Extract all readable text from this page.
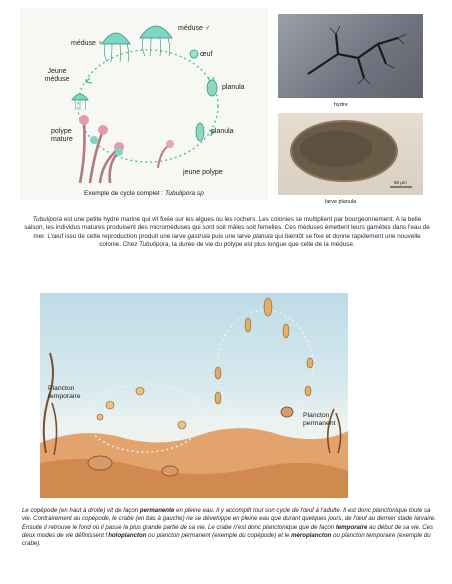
méduse ♀
méduse ♂
œuf
Jeune méduse
planula
planula
polype mature
jeune polype
Exemple de cycle complet : Tubulipora sp
hydre
50 µm
larve planula
Tubulipora est une petite hydre marine qui vit fixée sur les algues ou les rochers. Les colonies se multiplient par bourgeonnement. A la belle saison, les individus matures produisent des microméduses qui sont soit mâles soit femelles. Ces méduses émettent leurs gamètes dans l'eau de mer. L'œuf issu de cette reproduction produit une larve gastrula puis une larve planula qui bientôt se fixe et donne rapidement une nouvelle colonie. Chez Tubulipora, la durée de vie du polype est plus longue que celle de la méduse.
Plancton temporaire
Plancton permanent
Le copépode (en haut à droite) vit de façon permanente en pleine eau. Il y accomplit tout son cycle de l'œuf à l'adulte. Il est donc planctonique toute sa vie. Contrairement au copépode, le crabe (en bas à gauche) ne se développe en pleine eau que durant quelques jours, de l'œuf au dernier stade larvaire. Ensuite il retrouve le fond où il passe la plus grande partie de sa vie. Le crabe n'est donc planctonique que de façon temporaire au début de sa vie. Ces deux modes de vie définissent l'holoplancton ou plancton permanent (exemple du copépode) et le méroplancton ou plancton temporaire (exemple du crabe).
